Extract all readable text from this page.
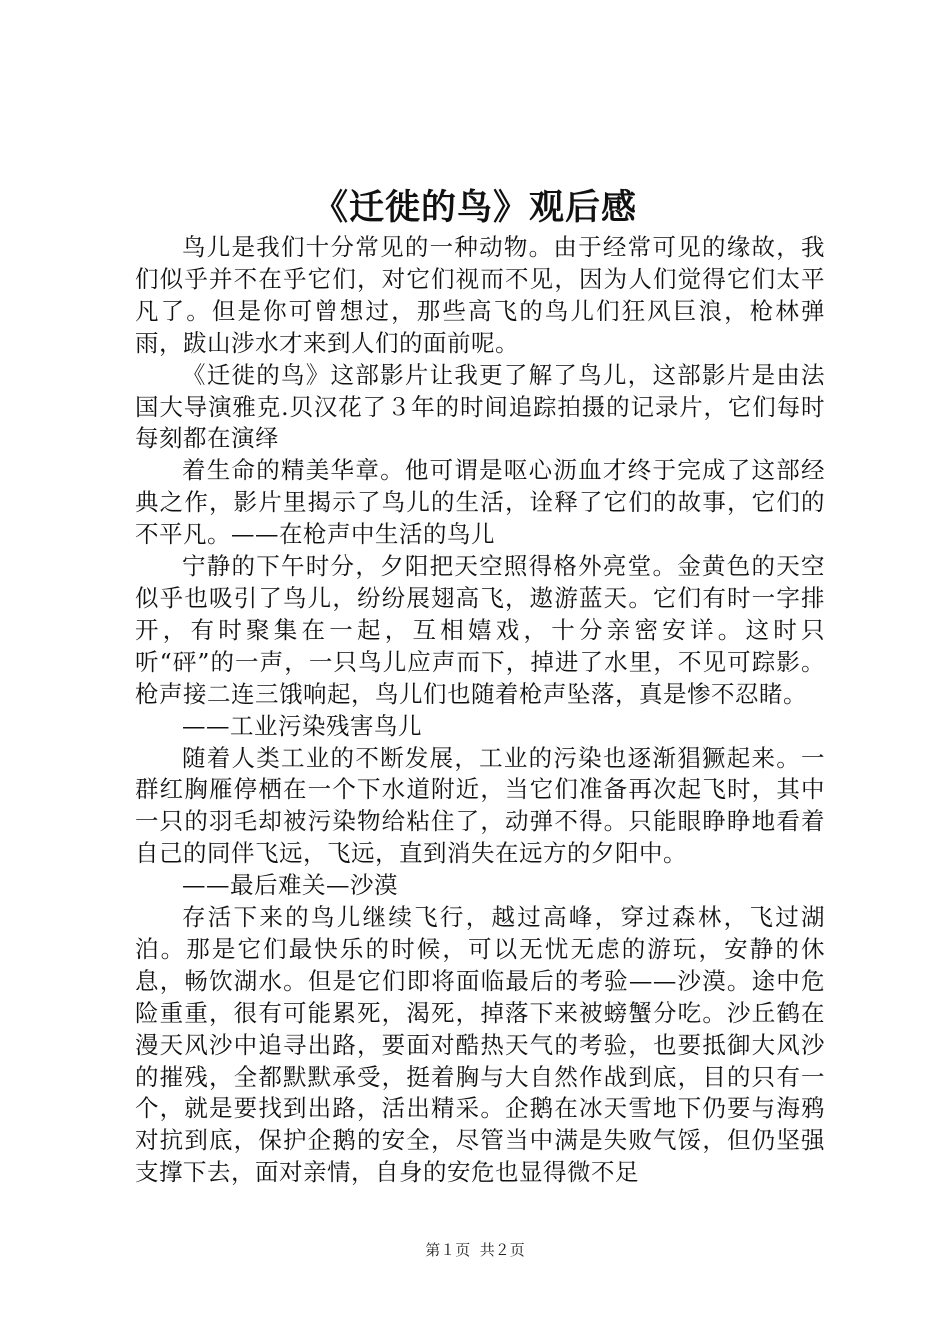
《迁徙的鸟》观后感

鸟儿是我们十分常见的一种动物。由于经常可见的缘故，我们似乎并不在乎它们，对它们视而不见，因为人们觉得它们太平凡了。但是你可曾想过，那些高飞的鸟儿们狂风巨浪，枪林弹雨，跋山涉水才来到人们的面前呢。

《迁徙的鸟》这部影片让我更了解了鸟儿，这部影片是由法国大导演雅克.贝汉花了３年的时间追踪拍摄的记录片，它们每时每刻都在演绎

着生命的精美华章。他可谓是呕心沥血才终于完成了这部经典之作，影片里揭示了鸟儿的生活，诠释了它们的故事，它们的不平凡。——在枪声中生活的鸟儿

宁静的下午时分，夕阳把天空照得格外亮堂。金黄色的天空似乎也吸引了鸟儿，纷纷展翅高飞，遨游蓝天。它们有时一字排开，有时聚集在一起，互相嬉戏，十分亲密安详。这时只听“砰”的一声，一只鸟儿应声而下，掉进了水里，不见可踪影。枪声接二连三饿响起，鸟儿们也随着枪声坠落，真是惨不忍睹。

——工业污染残害鸟儿

随着人类工业的不断发展，工业的污染也逐渐猖獗起来。一群红胸雁停栖在一个下水道附近，当它们准备再次起飞时，其中一只的羽毛却被污染物给粘住了，动弹不得。只能眼睁睁地看着自己的同伴飞远，飞远，直到消失在远方的夕阳中。

——最后难关—沙漠

存活下来的鸟儿继续飞行，越过高峰，穿过森林，飞过湖泊。那是它们最快乐的时候，可以无忧无虑的游玩，安静的休息，畅饮湖水。但是它们即将面临最后的考验——沙漠。途中危险重重，很有可能累死，渴死，掉落下来被螃蟹分吃。沙丘鹤在漫天风沙中追寻出路，要面对酷热天气的考验，也要抵御大风沙的摧残，全都默默承受，挺着胸与大自然作战到底，目的只有一个，就是要找到出路，活出精采。企鹅在冰天雪地下仍要与海鸦对抗到底，保护企鹅的安全，尽管当中满是失败气馁，但仍坚强支撑下去，面对亲情，自身的安危也显得微不足

第１页 共２页
